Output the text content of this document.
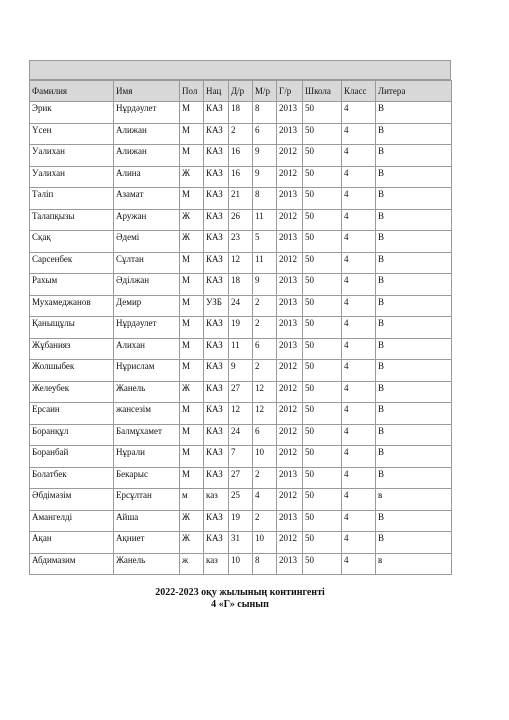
Фамилия	Имя	Пол	Нац	Д/р	М/р	Г/р	Школа	Класс	Литера
Эрик	Нұрдәулет	М	КАЗ	18	8	2013	50	4	В
Үсен	Алижан	М	КАЗ	2	6	2013	50	4	В
Уалихан	Алижан	М	КАЗ	16	9	2012	50	4	В
Уалихан	Алина	Ж	КАЗ	16	9	2012	50	4	В
Тәліп	Азамат	М	КАЗ	21	8	2013	50	4	В
Талапқызы	Аружан	Ж	КАЗ	26	11	2012	50	4	В
Сқақ	Әдемі	Ж	КАЗ	23	5	2013	50	4	В
Сарсенбек	Сұлтан	М	КАЗ	12	11	2012	50	4	В
Рахым	Әділжан	М	КАЗ	18	9	2013	50	4	В
Мухамеджанов	Демир	М	УЗБ	24	2	2013	50	4	В
Қаныщұлы	Нұрдәулет	М	КАЗ	19	2	2013	50	4	В
Жұбанияз	Алихан	М	КАЗ	11	6	2013	50	4	В
Жолшыбек	Нұрислам	М	КАЗ	9	2	2012	50	4	В
Желеубек	Жанель	Ж	КАЗ	27	12	2012	50	4	В
Ерсаин	жансезім	М	КАЗ	12	12	2012	50	4	В
Боранқұл	Балмұхамет	М	КАЗ	24	6	2012	50	4	В
Боранбай	Нұрали	М	КАЗ	7	10	2012	50	4	В
Болатбек	Бекарыс	М	КАЗ	27	2	2013	50	4	В
Әбдімәзім	Ерсұлтан	м	каз	25	4	2012	50	4	в
Амангелді	Айша	Ж	КАЗ	19	2	2013	50	4	В
Ақан	Ақниет	Ж	КАЗ	31	10	2012	50	4	В
Абдимазим	Жанель	ж	каз	10	8	2013	50	4	в
2022-2023 оқу жылының контингенті
4 «Г» сынып
